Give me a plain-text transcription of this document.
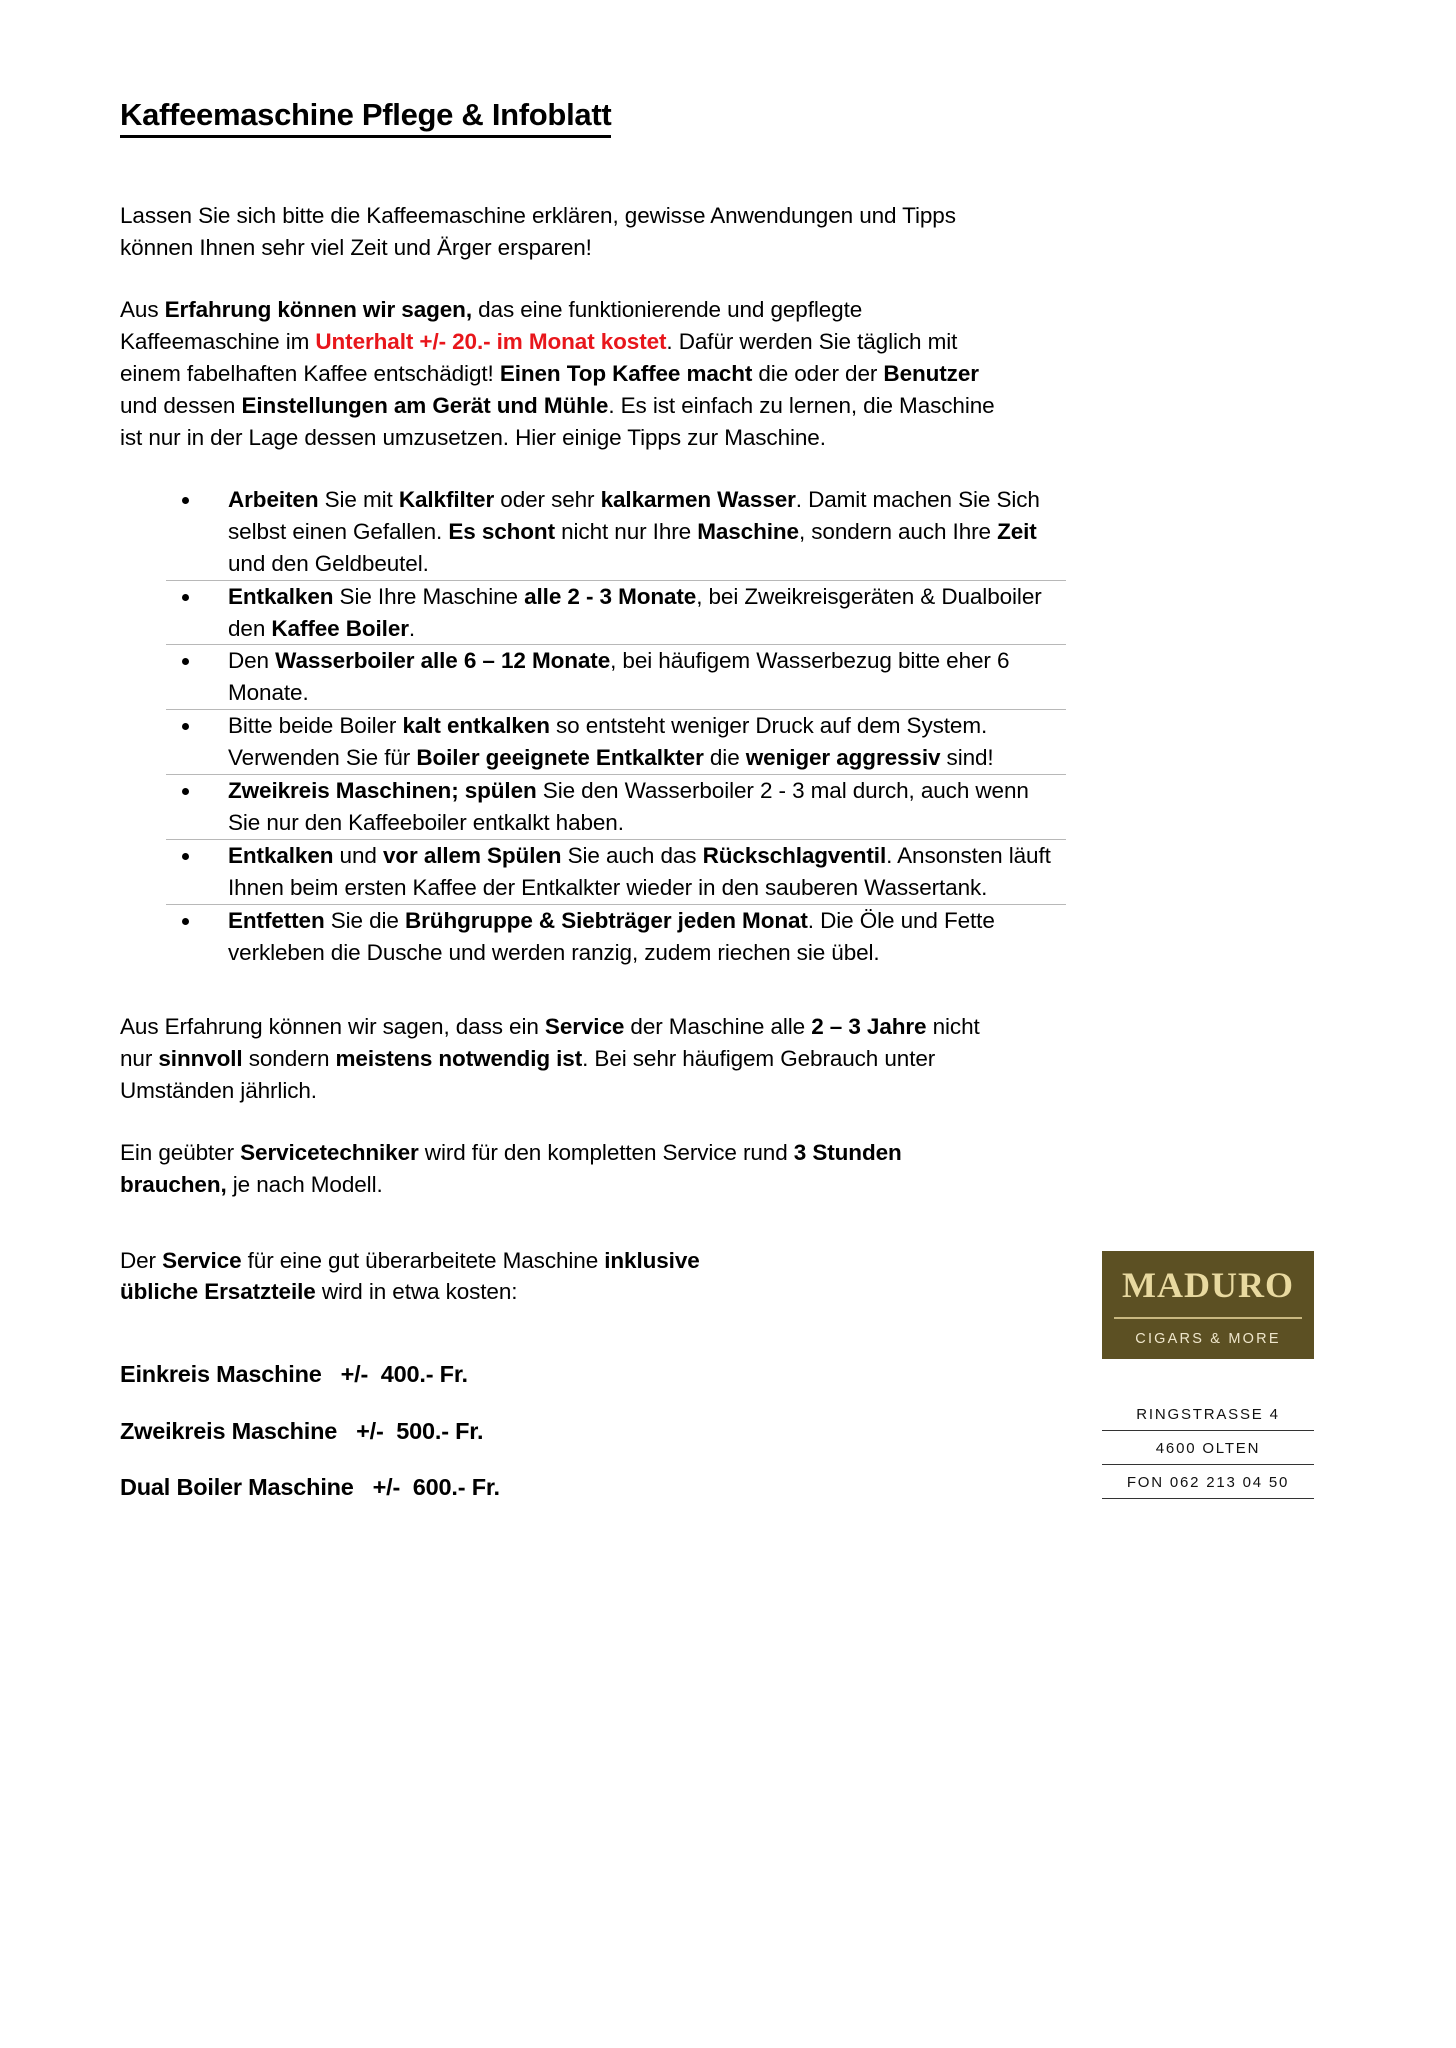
Kaffeemaschine Pflege & Infoblatt

Lassen Sie sich bitte die Kaffeemaschine erklären, gewisse Anwendungen und Tipps können Ihnen sehr viel Zeit und Ärger ersparen!

Aus Erfahrung können wir sagen, das eine funktionierende und gepflegte Kaffeemaschine im Unterhalt +/- 20.- im Monat kostet. Dafür werden Sie täglich mit einem fabelhaften Kaffee entschädigt! Einen Top Kaffee macht die oder der Benutzer und dessen Einstellungen am Gerät und Mühle. Es ist einfach zu lernen, die Maschine ist nur in der Lage dessen umzusetzen. Hier einige Tipps zur Maschine.

Arbeiten Sie mit Kalkfilter oder sehr kalkarmen Wasser. Damit machen Sie Sich selbst einen Gefallen. Es schont nicht nur Ihre Maschine, sondern auch Ihre Zeit und den Geldbeutel.
Entkalken Sie Ihre Maschine alle 2 - 3 Monate, bei Zweikreisgeräten & Dualboiler den Kaffee Boiler.
Den Wasserboiler alle 6 – 12 Monate, bei häufigem Wasserbezug bitte eher 6 Monate.
Bitte beide Boiler kalt entkalken so entsteht weniger Druck auf dem System. Verwenden Sie für Boiler geeignete Entkalkter die weniger aggressiv sind!
Zweikreis Maschinen; spülen Sie den Wasserboiler 2 - 3 mal durch, auch wenn Sie nur den Kaffeeboiler entkalkt haben.
Entkalken und vor allem Spülen Sie auch das Rückschlagventil. Ansonsten läuft Ihnen beim ersten Kaffee der Entkalkter wieder in den sauberen Wassertank.
Entfetten Sie die Brühgruppe & Siebträger jeden Monat. Die Öle und Fette verkleben die Dusche und werden ranzig, zudem riechen sie übel.

Aus Erfahrung können wir sagen, dass ein Service der Maschine alle 2 – 3 Jahre nicht nur sinnvoll sondern meistens notwendig ist. Bei sehr häufigem Gebrauch unter Umständen jährlich.

Ein geübter Servicetechniker wird für den kompletten Service rund 3 Stunden brauchen, je nach Modell.

Der Service für eine gut überarbeitete Maschine inklusive übliche Ersatzteile wird in etwa kosten:

Einkreis Maschine   +/-  400.- Fr.
Zweikreis Maschine   +/-  500.- Fr.
Dual Boiler Maschine   +/-  600.- Fr.
MADURO
CIGARS & MORE
RINGSTRASSE 4
4600 OLTEN
FON 062 213 04 50
